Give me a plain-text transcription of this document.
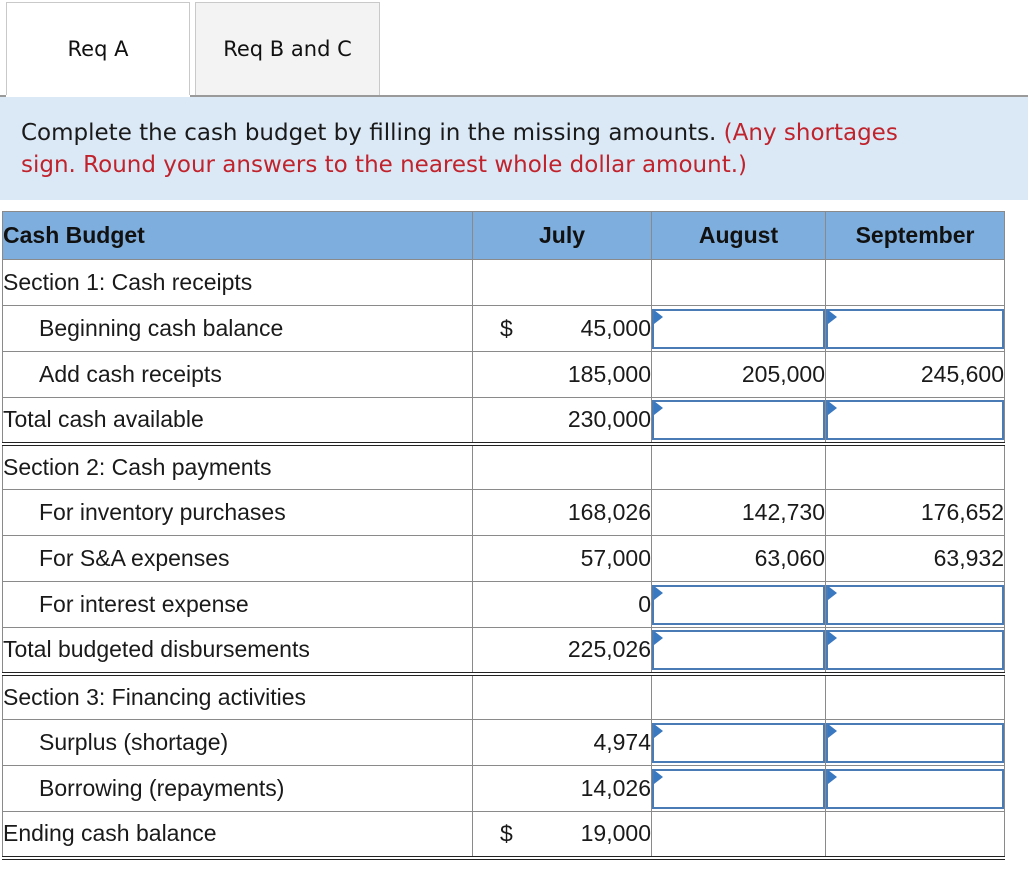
Req A	Req B and C
Complete the cash budget by filling in the missing amounts. (Any shortages
sign. Round your answers to the nearest whole dollar amount.)
Cash Budget	July	August	September
Section 1: Cash receipts			
Beginning cash balance	$ 45,000	

Add cash receipts	185,000	205,000	245,600
Total cash available	230,000	

Section 2: Cash payments			
For inventory purchases	168,026	142,730	176,652
For S&A expenses	57,000	63,060	63,932
For interest expense	0	

Total budgeted disbursements	225,026	

Section 3: Financing activities			
Surplus (shortage)	4,974	

Borrowing (repayments)	14,026	

Ending cash balance	$ 19,000		
